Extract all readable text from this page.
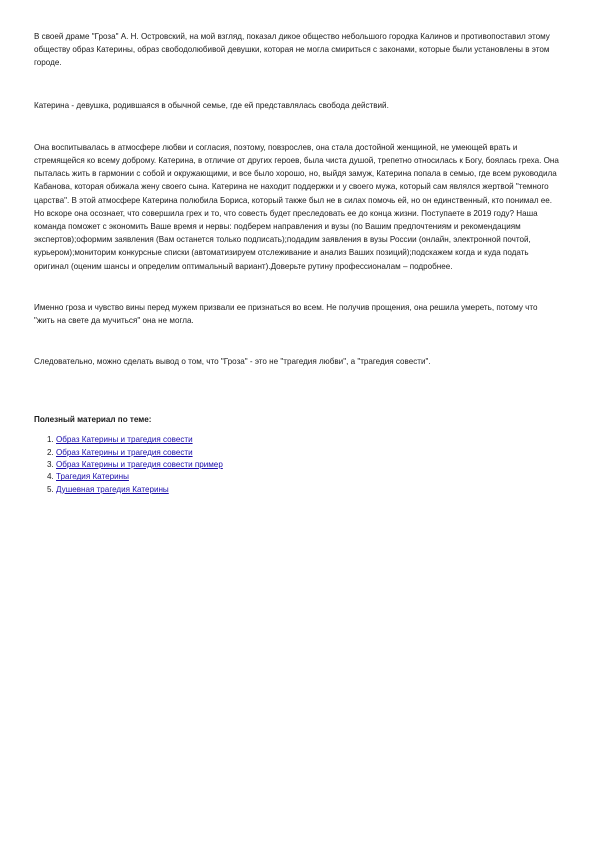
В своей драме "Гроза" А. Н. Островский, на мой взгляд, показал дикое общество небольшого городка Калинов и противопоставил этому обществу образ Катерины, образ свободолюбивой девушки, которая не могла смириться с законами, которые были установлены в этом городе.

Катерина - девушка, родившаяся в обычной семье, где ей представлялась свобода действий.

Она воспитывалась в атмосфере любви и согласия, поэтому, повзрослев, она стала достойной женщиной, не умеющей врать и стремящейся ко всему доброму. Катерина, в отличие от других героев, была чиста душой, трепетно относилась к Богу, боялась греха. Она пыталась жить в гармонии с собой и окружающими, и все было хорошо, но, выйдя замуж, Катерина попала в семью, где всем руководила Кабанова, которая обижала жену своего сына. Катерина не находит поддержки и у своего мужа, который сам являлся жертвой "темного царства". В этой атмосфере Катерина полюбила Бориса, который также был не в силах помочь ей, но он единственный, кто понимал ее. Но вскоре она осознает, что совершила грех и то, что совесть будет преследовать ее до конца жизни. Поступаете в 2019 году? Наша команда поможет с экономить Ваше время и нервы: подберем направления и вузы (по Вашим предпочтениям и рекомендациям экспертов);оформим заявления (Вам останется только подписать);подадим заявления в вузы России (онлайн, электронной почтой, курьером);мониторим конкурсные списки (автоматизируем отслеживание и анализ Ваших позиций);подскажем когда и куда подать оригинал (оценим шансы и определим оптимальный вариант).Доверьте рутину профессионалам – подробнее.

Именно гроза и чувство вины перед мужем призвали ее признаться во всем. Не получив прощения, она решила умереть, потому что "жить на свете да мучиться" она не могла.

Следовательно, можно сделать вывод о том, что "Гроза" - это не "трагедия любви", а "трагедия совести".

Полезный материал по теме:

1. Образ Катерины и трагедия совести
2. Образ Катерины и трагедия совести
3. Образ Катерины и трагедия совести пример
4. Трагедия Катерины
5. Душевная трагедия Катерины
